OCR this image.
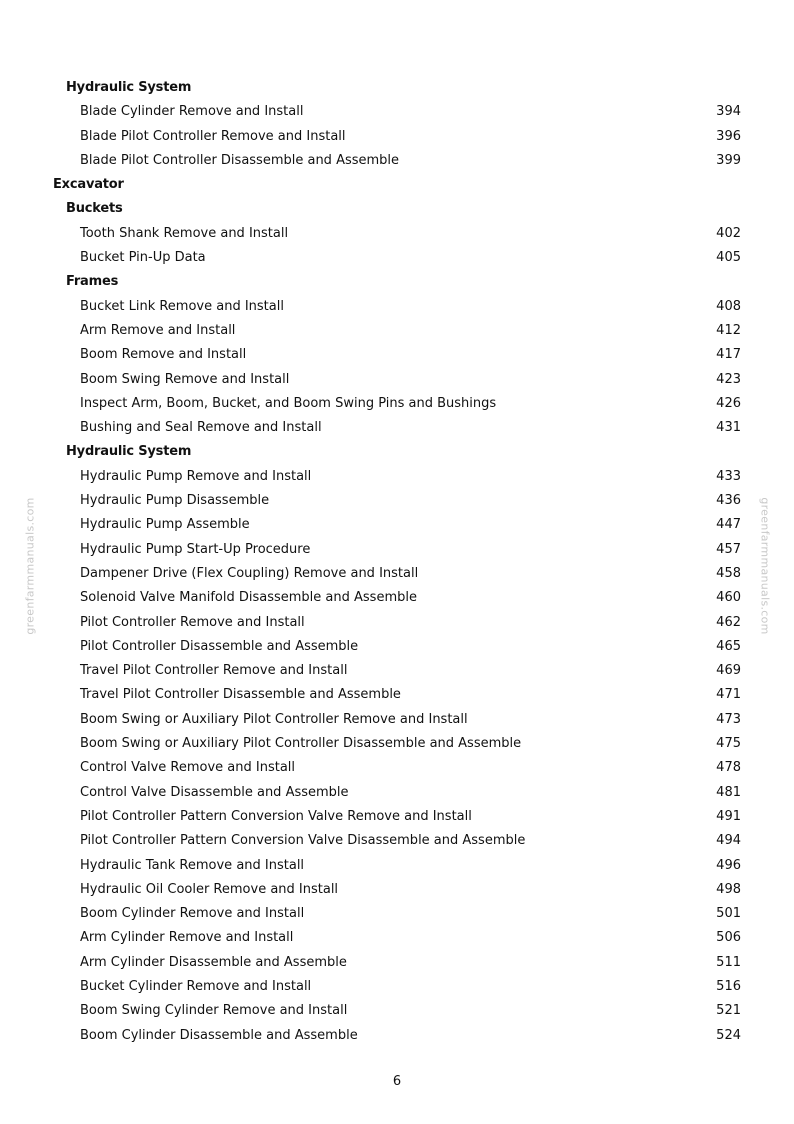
greenfarmmanuals.com	greenfarmmanuals.com
Hydraulic System
Blade Cylinder Remove and Install	394
Blade Pilot Controller Remove and Install	396
Blade Pilot Controller Disassemble and Assemble	399
Excavator
Buckets
Tooth Shank Remove and Install	402
Bucket Pin-Up Data	405
Frames
Bucket Link Remove and Install	408
Arm Remove and Install	412
Boom Remove and Install	417
Boom Swing Remove and Install	423
Inspect Arm, Boom, Bucket, and Boom Swing Pins and Bushings	426
Bushing and Seal Remove and Install	431
Hydraulic System
Hydraulic Pump Remove and Install	433
Hydraulic Pump Disassemble	436
Hydraulic Pump Assemble	447
Hydraulic Pump Start-Up Procedure	457
Dampener Drive (Flex Coupling) Remove and Install	458
Solenoid Valve Manifold Disassemble and Assemble	460
Pilot Controller Remove and Install	462
Pilot Controller Disassemble and Assemble	465
Travel Pilot Controller Remove and Install	469
Travel Pilot Controller Disassemble and Assemble	471
Boom Swing or Auxiliary Pilot Controller Remove and Install	473
Boom Swing or Auxiliary Pilot Controller Disassemble and Assemble	475
Control Valve Remove and Install	478
Control Valve Disassemble and Assemble	481
Pilot Controller Pattern Conversion Valve Remove and Install	491
Pilot Controller Pattern Conversion Valve Disassemble and Assemble	494
Hydraulic Tank Remove and Install	496
Hydraulic Oil Cooler Remove and Install	498
Boom Cylinder Remove and Install	501
Arm Cylinder Remove and Install	506
Arm Cylinder Disassemble and Assemble	511
Bucket Cylinder Remove and Install	516
Boom Swing Cylinder Remove and Install	521
Boom Cylinder Disassemble and Assemble	524
6
